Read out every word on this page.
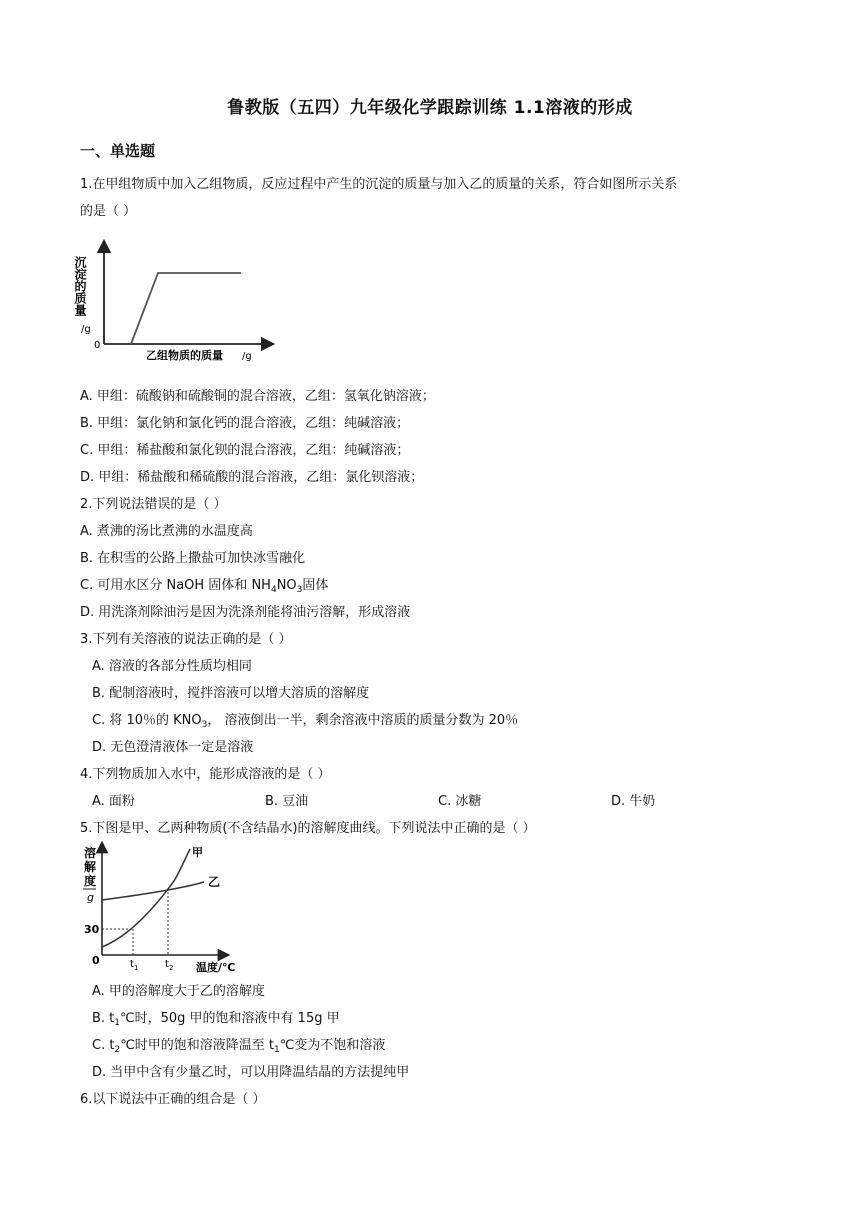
鲁教版（五四）九年级化学跟踪训练 1.1溶液的形成
一、单选题
1.在甲组物质中加入乙组物质，反应过程中产生的沉淀的质量与加入乙的质量的关系，符合如图所示关系
的是（ ）
沉淀的质量
/g
0
乙组物质的质量 /g
A. 甲组：硫酸钠和硫酸铜的混合溶液，乙组：氢氧化钠溶液；
B. 甲组：氯化钠和氯化钙的混合溶液，乙组：纯碱溶液；
C. 甲组：稀盐酸和氯化钡的混合溶液，乙组：纯碱溶液；
D. 甲组：稀盐酸和稀硫酸的混合溶液，乙组：氯化钡溶液；
2.下列说法错误的是（ ）
A. 煮沸的汤比煮沸的水温度高
B. 在积雪的公路上撒盐可加快冰雪融化
C. 可用水区分 NaOH 固体和 $NH_4NO_3$固体
D. 用洗涤剂除油污是因为洗涤剂能将油污溶解，形成溶液
3.下列有关溶液的说法正确的是（ ）
A. 溶液的各部分性质均相同
B. 配制溶液时，搅拌溶液可以增大溶质的溶解度
C. 将 10％的 $KNO_3$， 溶液倒出一半，剩余溶液中溶质的质量分数为 20％
D. 无色澄清液体一定是溶液
4.下列物质加入水中，能形成溶液的是（ ）
A. 面粉	B. 豆油	C. 冰糖	D. 牛奶
5.下图是甲、乙两种物质(不含结晶水)的溶解度曲线。下列说法中正确的是（ ）
溶
解
度
g
30
0	t 1	t 2 温度/℃
甲
乙
A. 甲的溶解度大于乙的溶解度
B. $t_1℃$时，50g 甲的饱和溶液中有 15g 甲
C. $t_2℃$时甲的饱和溶液降温至 $t_1℃$变为不饱和溶液
D. 当甲中含有少量乙时，可以用降温结晶的方法提纯甲
6.以下说法中正确的组合是（ ）
